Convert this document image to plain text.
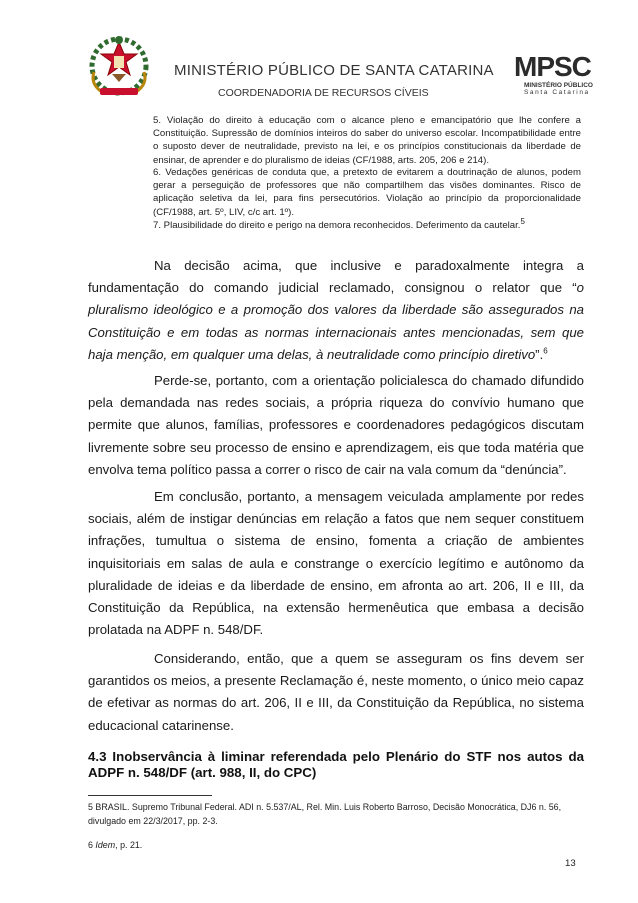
MINISTÉRIO PÚBLICO DE SANTA CATARINA
COORDENADORIA DE RECURSOS CÍVEIS
MPSC
MINISTÉRIO PÚBLICO
Santa Catarina
5. Violação do direito à educação com o alcance pleno e emancipatório que lhe confere a Constituição. Supressão de domínios inteiros do saber do universo escolar. Incompatibilidade entre o suposto dever de neutralidade, previsto na lei, e os princípios constitucionais da liberdade de ensinar, de aprender e do pluralismo de ideias (CF/1988, arts. 205, 206 e 214).
6. Vedações genéricas de conduta que, a pretexto de evitarem a doutrinação de alunos, podem gerar a perseguição de professores que não compartilhem das visões dominantes. Risco de aplicação seletiva da lei, para fins persecutórios. Violação ao princípio da proporcionalidade (CF/1988, art. 5º, LIV, c/c art. 1º).
7. Plausibilidade do direito e perigo na demora reconhecidos. Deferimento da cautelar.$^5$
Na decisão acima, que inclusive e paradoxalmente integra a fundamentação do comando judicial reclamado, consignou o relator que “o pluralismo ideológico e a promoção dos valores da liberdade são assegurados na Constituição e em todas as normas internacionais antes mencionadas, sem que haja menção, em qualquer uma delas, à neutralidade como princípio diretivo”.$^6$
Perde-se, portanto, com a orientação policialesca do chamado difundido pela demandada nas redes sociais, a própria riqueza do convívio humano que permite que alunos, famílias, professores e coordenadores pedagógicos discutam livremente sobre seu processo de ensino e aprendizagem, eis que toda matéria que envolva tema político passa a correr o risco de cair na vala comum da “denúncia”.
Em conclusão, portanto, a mensagem veiculada amplamente por redes sociais, além de instigar denúncias em relação a fatos que nem sequer constituem infrações, tumultua o sistema de ensino, fomenta a criação de ambientes inquisitoriais em salas de aula e constrange o exercício legítimo e autônomo da pluralidade de ideias e da liberdade de ensino, em afronta ao art. 206, II e III, da Constituição da República, na extensão hermenêutica que embasa a decisão prolatada na ADPF n. 548/DF.
Considerando, então, que a quem se asseguram os fins devem ser garantidos os meios, a presente Reclamação é, neste momento, o único meio capaz de efetivar as normas do art. 206, II e III, da Constituição da República, no sistema educacional catarinense.
4.3 Inobservância à liminar referendada pelo Plenário do STF nos autos da ADPF n. 548/DF (art. 988, II, do CPC)
5 BRASIL. Supremo Tribunal Federal. ADI n. 5.537/AL, Rel. Min. Luis Roberto Barroso, Decisão Monocrática, DJ6 n. 56, divulgado em 22/3/2017, pp. 2-3.
6 Idem, p. 21.
13
